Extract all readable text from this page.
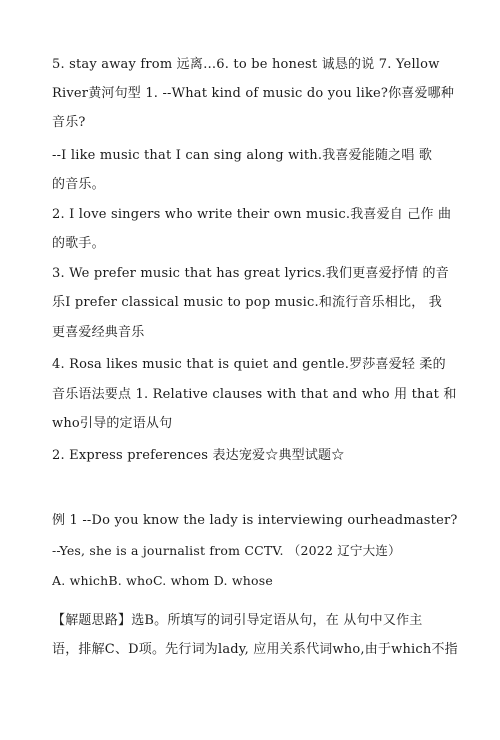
5. stay away from 远离…6. to be honest 诚恳的说 7. Yellow
River黄河句型 1. --What kind of music do you like?你喜爱哪种
音乐?
--I like music that I can sing along with.我喜爱能随之唱 歌
的音乐。
2. I love singers who write their own music.我喜爱自 己作 曲
的歌手。
3. We prefer music that has great lyrics.我们更喜爱抒情 的音
乐I prefer classical music to pop music.和流行音乐相比， 我
更喜爱经典音乐
4. Rosa likes music that is quiet and gentle.罗莎喜爱轻 柔的
音乐语法要点 1. Relative clauses with that and who 用 that 和
who引导的定语从句
2. Express preferences 表达宠爱☆典型试题☆
例 1 --Do you know the lady is interviewing ourheadmaster?
--Yes, she is a journalist from CCTV. （2022 辽宁大连）
A. whichB. whoC. whom D. whose
【解题思路】选B。所填写的词引导定语从句，在 从句中又作主
语，排解C、D项。先行词为lady, 应用关系代词who,由于which不指
